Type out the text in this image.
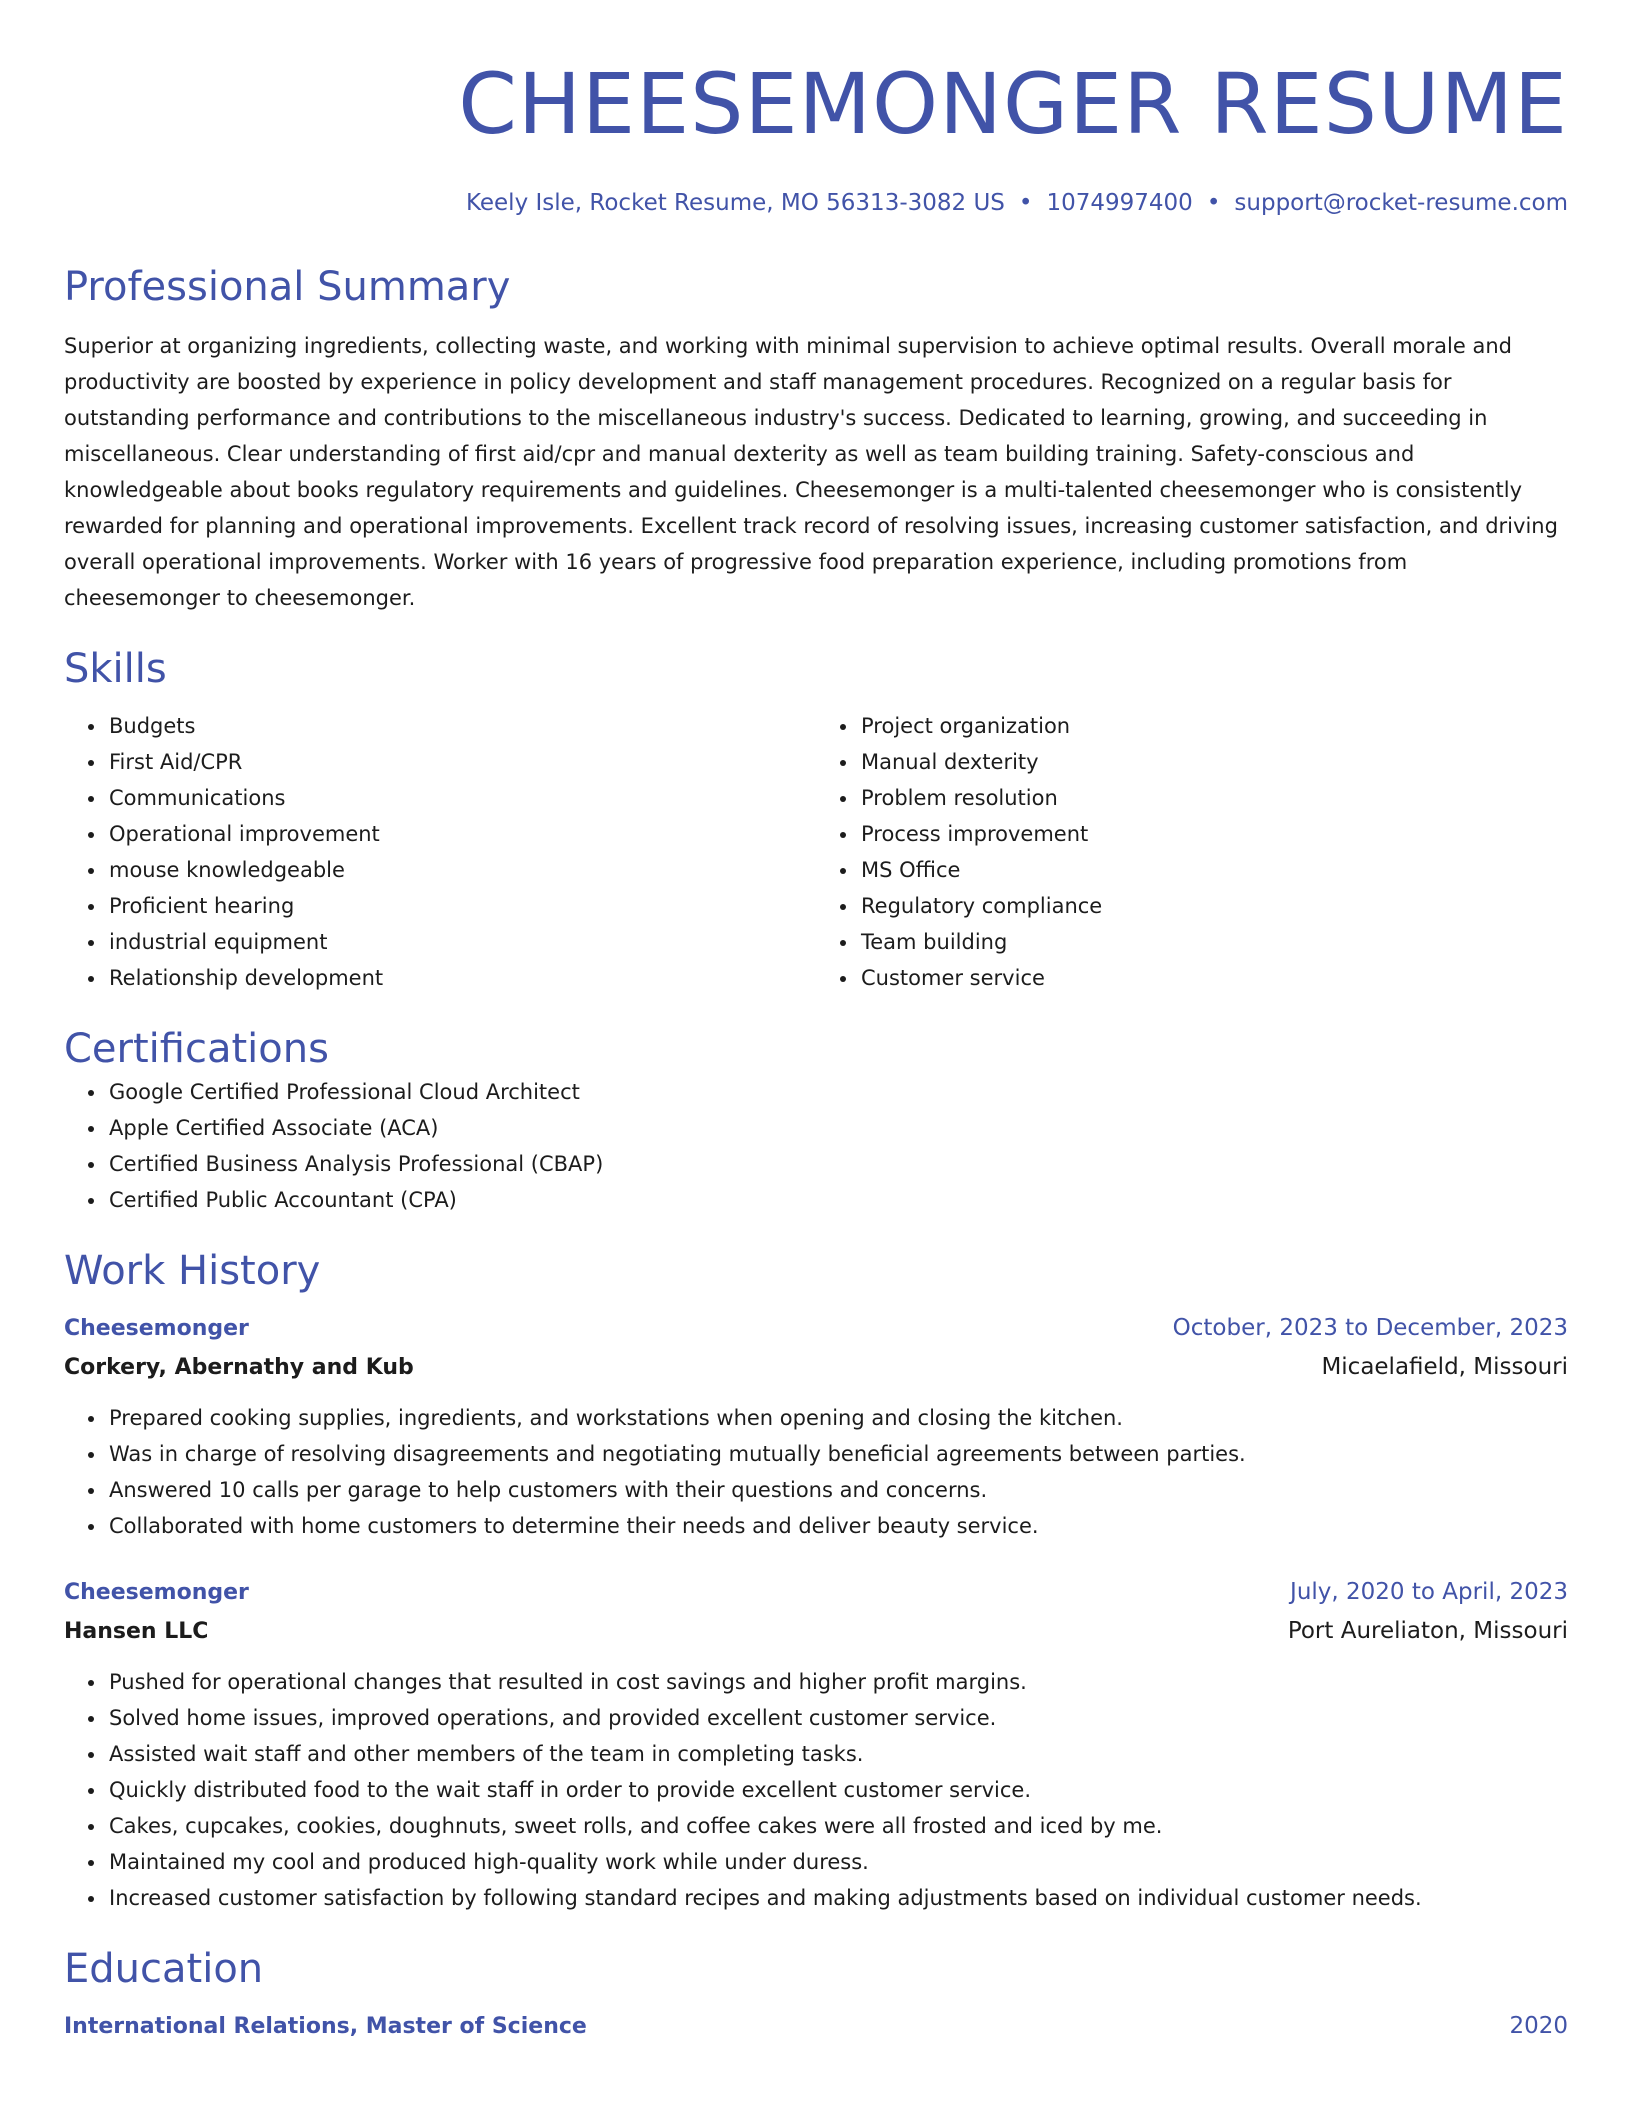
CHEESEMONGER RESUME
Keely Isle, Rocket Resume, MO 56313-3082 US • 1074997400 • support@rocket-resume.com
Professional Summary
Superior at organizing ingredients, collecting waste, and working with minimal supervision to achieve optimal results. Overall morale and productivity are boosted by experience in policy development and staff management procedures. Recognized on a regular basis for outstanding performance and contributions to the miscellaneous industry's success. Dedicated to learning, growing, and succeeding in miscellaneous. Clear understanding of first aid/cpr and manual dexterity as well as team building training. Safety-conscious and knowledgeable about books regulatory requirements and guidelines. Cheesemonger is a multi-talented cheesemonger who is consistently rewarded for planning and operational improvements. Excellent track record of resolving issues, increasing customer satisfaction, and driving overall operational improvements. Worker with 16 years of progressive food preparation experience, including promotions from cheesemonger to cheesemonger.
Skills
• Budgets
• First Aid/CPR
• Communications
• Operational improvement
• mouse knowledgeable
• Proficient hearing
• industrial equipment
• Relationship development
• Project organization
• Manual dexterity
• Problem resolution
• Process improvement
• MS Office
• Regulatory compliance
• Team building
• Customer service
Certifications
• Google Certified Professional Cloud Architect
• Apple Certified Associate (ACA)
• Certified Business Analysis Professional (CBAP)
• Certified Public Accountant (CPA)
Work History
Cheesemonger	October, 2023 to December, 2023
Corkery, Abernathy and Kub	Micaelafield, Missouri
• Prepared cooking supplies, ingredients, and workstations when opening and closing the kitchen.
• Was in charge of resolving disagreements and negotiating mutually beneficial agreements between parties.
• Answered 10 calls per garage to help customers with their questions and concerns.
• Collaborated with home customers to determine their needs and deliver beauty service.
Cheesemonger	July, 2020 to April, 2023
Hansen LLC	Port Aureliaton, Missouri
• Pushed for operational changes that resulted in cost savings and higher profit margins.
• Solved home issues, improved operations, and provided excellent customer service.
• Assisted wait staff and other members of the team in completing tasks.
• Quickly distributed food to the wait staff in order to provide excellent customer service.
• Cakes, cupcakes, cookies, doughnuts, sweet rolls, and coffee cakes were all frosted and iced by me.
• Maintained my cool and produced high-quality work while under duress.
• Increased customer satisfaction by following standard recipes and making adjustments based on individual customer needs.
Education
International Relations, Master of Science	2020
